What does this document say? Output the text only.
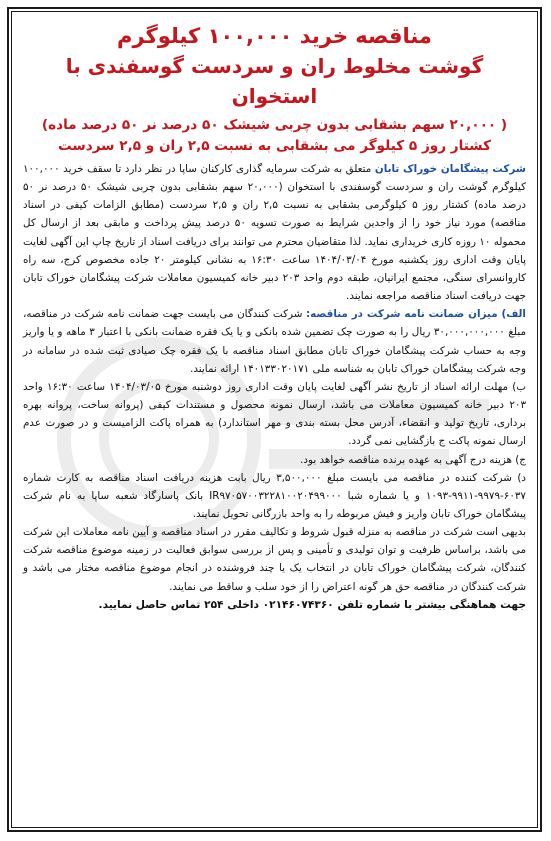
مناقصه خرید ۱۰۰,۰۰۰ کیلوگرم

گوشت مخلوط ران و سردست گوسفندی با استخوان

( ۲۰,۰۰۰ سهم بشقابی بدون چربی شیشک ۵۰ درصد نر ۵۰ درصد ماده)

کشتار روز ۵ کیلوگر می بشقابی به نسبت ۲,۵ ران و ۲,۵ سردست

شرکت پیشگامان خوراک تابان متعلق به شرکت سرمایه گذاری کارکنان ساپا در نظر دارد تا سقف خرید ۱۰۰,۰۰۰ کیلوگرم گوشت ران و سردست گوسفندی با استخوان (۲۰,۰۰۰ سهم بشقابی بدون چربی شیشک ۵۰ درصد نر ۵۰ درصد ماده) کشتار روز ۵ کیلوگرمی بشقابی به نسبت ۲,۵ ران و ۲,۵ سردست (مطابق الزامات کیفی در اسناد مناقصه) مورد نیاز خود را از واجدین شرایط به صورت تسویه ۵۰ درصد پیش پرداخت و مابقی بعد از ارسال کل محموله ۱۰ روزه کاری خریداری نماید. لذا متقاضیان محترم می توانند برای دریافت اسناد از تاریخ چاپ این آگهی لغایت پایان وقت اداری روز یکشنبه مورخ ۱۴۰۴/۰۳/۰۴ ساعت ۱۶:۳۰ به نشانی کیلومتر ۲۰ جاده مخصوص کرج، سه راه کاروانسرای سنگی، مجتمع ایرانیان، طبقه دوم واحد ۲۰۳ دبیر خانه کمیسیون معاملات شرکت پیشگامان خوراک تابان جهت دریافت اسناد مناقصه مراجعه نمایند.

الف) میزان ضمانت نامه شرکت در مناقصه: شرکت کنندگان می بایست جهت ضمانت نامه شرکت در مناقصه، مبلغ ۳۰,۰۰۰,۰۰۰,۰۰۰ ریال را به صورت چک تضمین شده بانکی و یا یک فقره ضمانت بانکی با اعتبار ۳ ماهه و یا واریز وجه به حساب شرکت پیشگامان خوراک تابان مطابق اسناد مناقصه با یک فقره چک صیادی ثبت شده در سامانه در وجه شرکت پیشگامان خوراک تابان به شناسه ملی ۱۴۰۱۳۳۰۲۰۱۷۱ ارائه نمایند.

ب) مهلت ارائه اسناد از تاریخ نشر آگهی لغایت پایان وقت اداری روز دوشنبه مورخ ۱۴۰۴/۰۳/۰۵ ساعت ۱۶:۳۰ واحد ۲۰۳ دبیر خانه کمیسیون معاملات می باشد، ارسال نمونه محصول و مستندات کیفی (پروانه ساخت، پروانه بهره برداری، تاریخ تولید و انقضاء، آدرس محل بسته بندی و مهر استاندارد) به همراه پاکت الزامیست و در صورت عدم ارسال نمونه پاکت ج بازگشایی نمی گردد.

ج) هزینه درج آگهی به عهده برنده مناقصه خواهد بود.

د) شرکت کننده در مناقصه می بایست مبلغ ۳,۵۰۰,۰۰۰ ریال بابت هزینه دریافت اسناد مناقصه به کارت شماره ۶۰۳۷-۹۹۷۹-۹۹۱۱-۱۰۹۳ و یا شماره شبا IR۹۷۰۵۷۰۰۳۲۲۸۱۰۰۲۰۴۹۹۰۰۰ بانک پاسارگاد شعبه ساپا به نام شرکت پیشگامان خوراک تابان واریز و فیش مربوطه را به واحد بازرگانی تحویل نمایند.

بدیهی است شرکت در مناقصه به منزله قبول شروط و تکالیف مقرر در اسناد مناقصه و آیین نامه معاملات این شرکت می باشد، براساس ظرفیت و توان تولیدی و تأمینی و پس از بررسی سوابق فعالیت در زمینه موضوع مناقصه شرکت کنندگان، شرکت پیشگامان خوراک تابان در انتخاب یک یا چند فروشنده در انجام موضوع مناقصه مختار می باشد و شرکت کنندگان در مناقصه حق هر گونه اعتراض را از خود سلب و ساقط می نمایند.

جهت هماهنگی بیشتر با شماره تلفن ۰۲۱۴۶۰۷۴۳۶۰ داخلی ۲۵۴ تماس حاصل نمایید.
